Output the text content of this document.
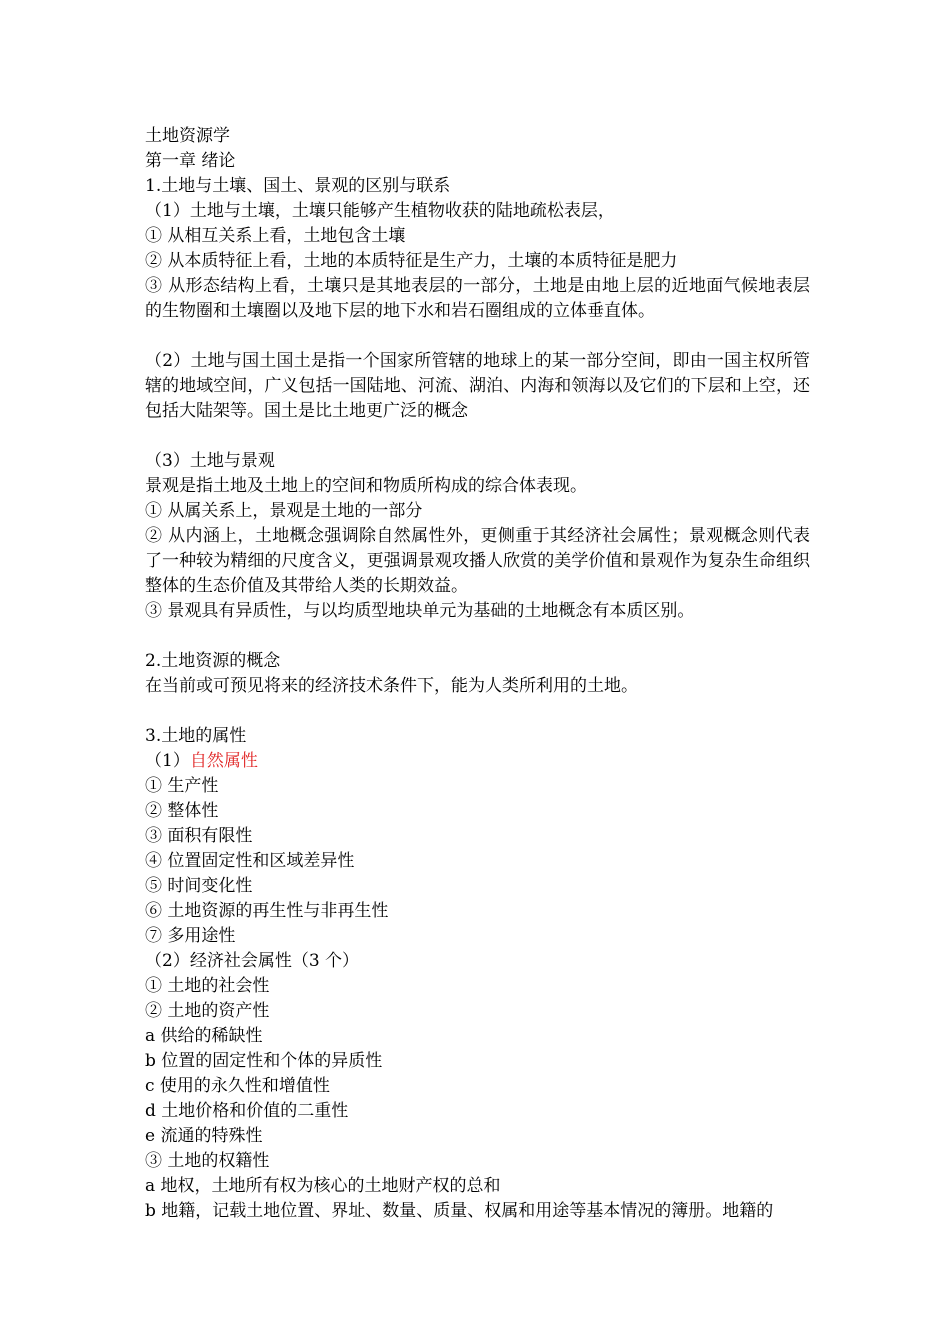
土地资源学
第一章 绪论
1.土地与土壤、国土、景观的区别与联系
（1）土地与土壤，土壤只能够产生植物收获的陆地疏松表层，
① 从相互关系上看，土地包含土壤
② 从本质特征上看，土地的本质特征是生产力，土壤的本质特征是肥力
③ 从形态结构上看，土壤只是其地表层的一部分，土地是由地上层的近地面气候地表层的生物圈和土壤圈以及地下层的地下水和岩石圈组成的立体垂直体。
（2）土地与国土国土是指一个国家所管辖的地球上的某一部分空间，即由一国主权所管辖的地域空间，广义包括一国陆地、河流、湖泊、内海和领海以及它们的下层和上空，还包括大陆架等。国土是比土地更广泛的概念
（3）土地与景观
景观是指土地及土地上的空间和物质所构成的综合体表现。
① 从属关系上，景观是土地的一部分
② 从内涵上，土地概念强调除自然属性外，更侧重于其经济社会属性；景观概念则代表了一种较为精细的尺度含义，更强调景观攻播人欣赏的美学价值和景观作为复杂生命组织整体的生态价值及其带给人类的长期效益。
③ 景观具有异质性，与以均质型地块单元为基础的土地概念有本质区别。
2.土地资源的概念
在当前或可预见将来的经济技术条件下，能为人类所利用的土地。
3.土地的属性
（1）自然属性
① 生产性
② 整体性
③ 面积有限性
④ 位置固定性和区域差异性
⑤ 时间变化性
⑥ 土地资源的再生性与非再生性
⑦ 多用途性
（2）经济社会属性（3 个）
① 土地的社会性
② 土地的资产性
a 供给的稀缺性
b 位置的固定性和个体的异质性
c 使用的永久性和增值性
d 土地价格和价值的二重性
e 流通的特殊性
③ 土地的权籍性
a 地权，土地所有权为核心的土地财产权的总和
b 地籍，记载土地位置、界址、数量、质量、权属和用途等基本情况的簿册。地籍的
